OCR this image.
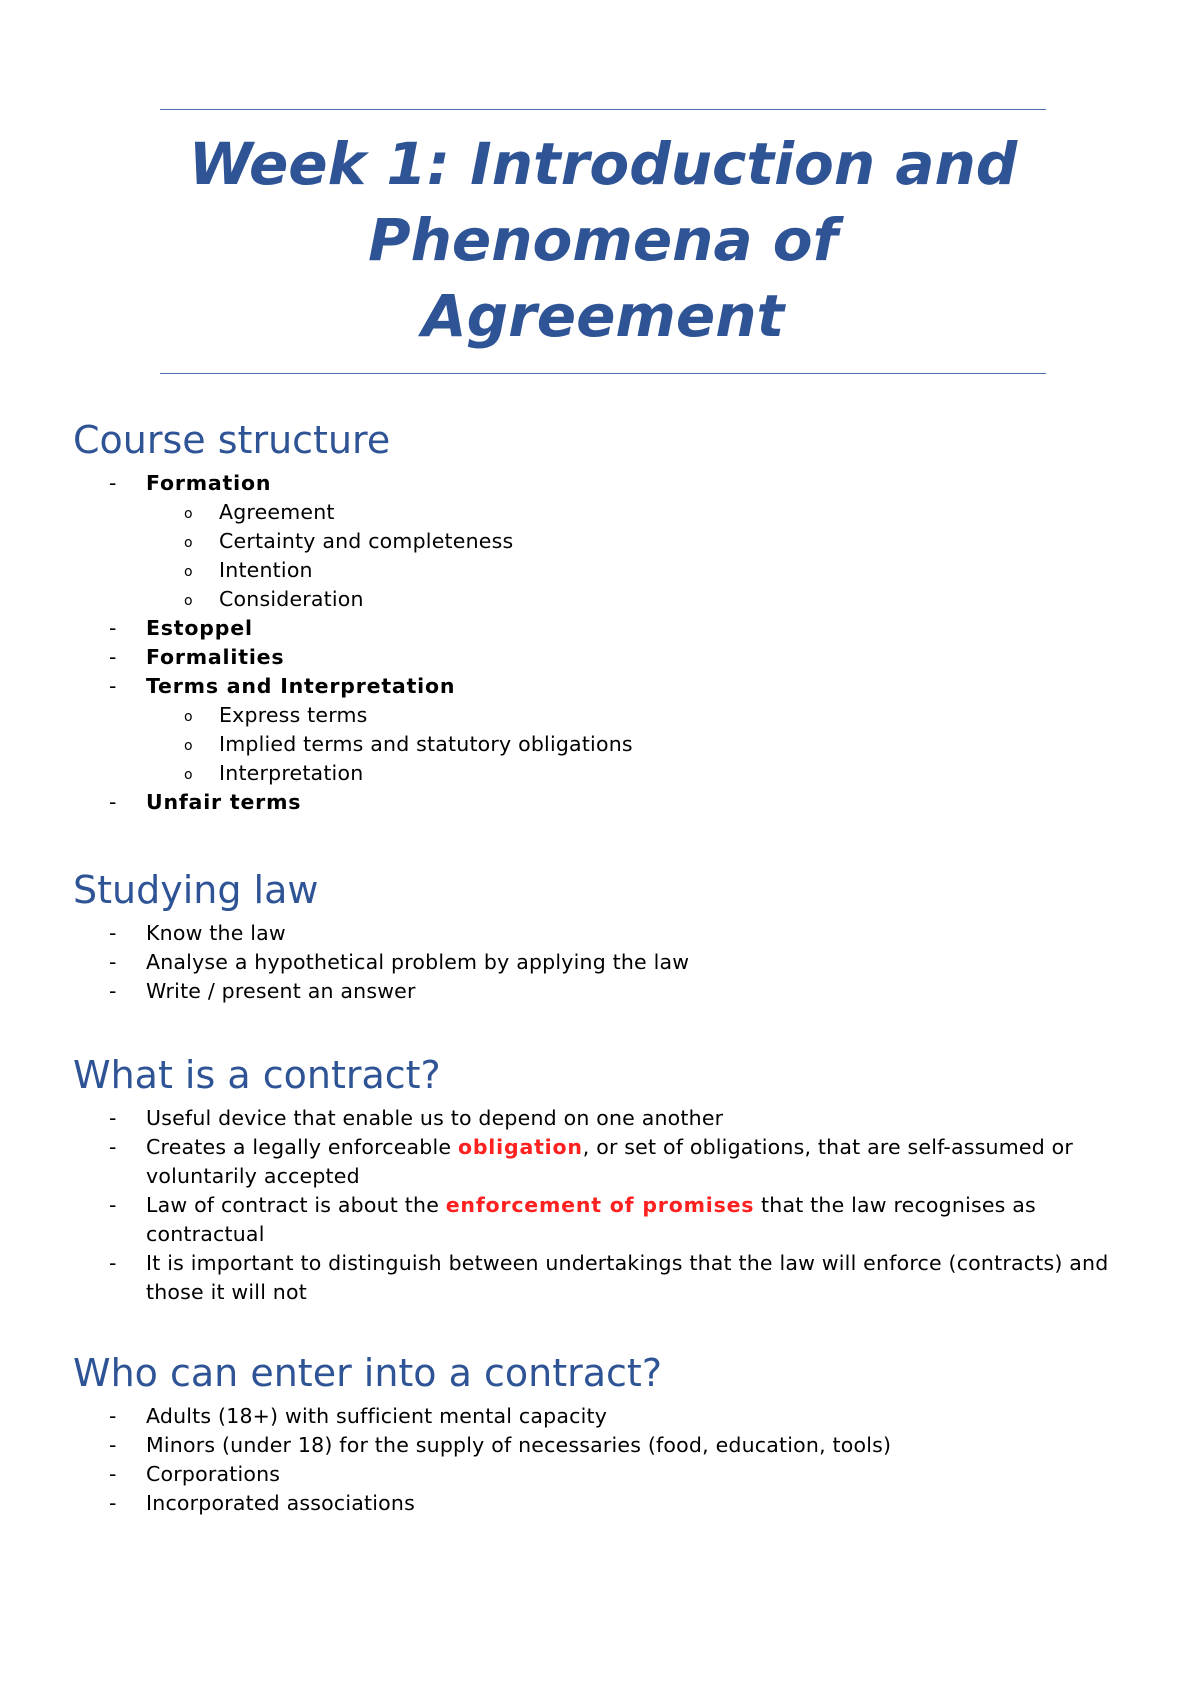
Week 1: Introduction and
Phenomena of
Agreement
Course structure
- Formation
o Agreement
o Certainty and completeness
o Intention
o Consideration
- Estoppel
- Formalities
- Terms and Interpretation
o Express terms
o Implied terms and statutory obligations
o Interpretation
- Unfair terms
Studying law
- Know the law
- Analyse a hypothetical problem by applying the law
- Write / present an answer
What is a contract?
- Useful device that enable us to depend on one another
- Creates a legally enforceable obligation, or set of obligations, that are self-assumed or voluntarily accepted
- Law of contract is about the enforcement of promises that the law recognises as contractual
- It is important to distinguish between undertakings that the law will enforce (contracts) and those it will not
Who can enter into a contract?
- Adults (18+) with sufficient mental capacity
- Minors (under 18) for the supply of necessaries (food, education, tools)
- Corporations
- Incorporated associations
